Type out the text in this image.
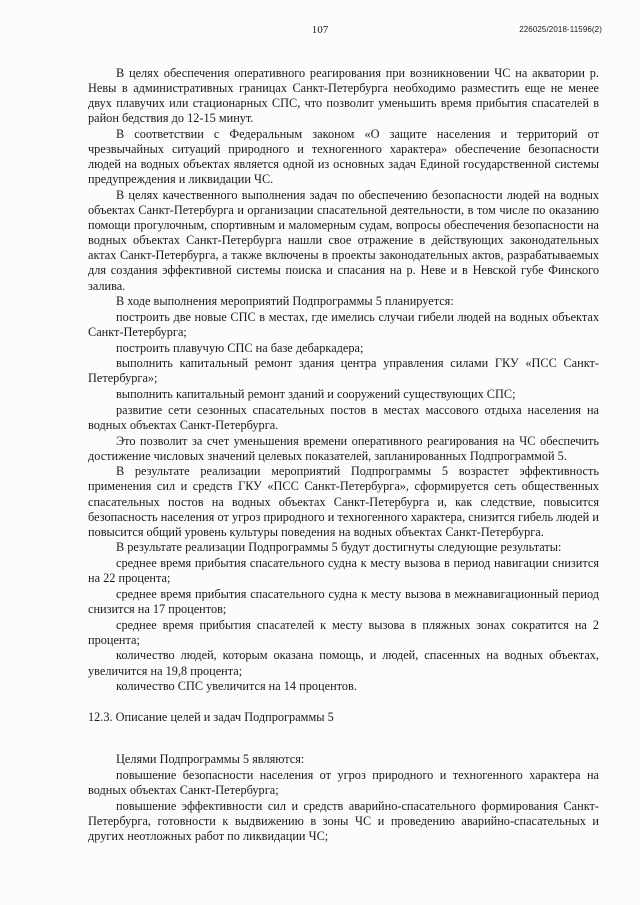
107	226025/2018-11596(2)

В целях обеспечения оперативного реагирования при возникновении ЧС на акватории р. Невы в административных границах Санкт-Петербурга необходимо разместить еще не менее двух плавучих или стационарных СПС, что позволит уменьшить время прибытия спасателей в район бедствия до 12-15 минут.

В соответствии с Федеральным законом «О защите населения и территорий от чрезвычайных ситуаций природного и техногенного характера» обеспечение безопасности людей на водных объектах является одной из основных задач Единой государственной системы предупреждения и ликвидации ЧС.

В целях качественного выполнения задач по обеспечению безопасности людей на водных объектах Санкт-Петербурга и организации спасательной деятельности, в том числе по оказанию помощи прогулочным, спортивным и маломерным судам, вопросы обеспечения безопасности на водных объектах Санкт-Петербурга нашли свое отражение в действующих законодательных актах Санкт-Петербурга, а также включены в проекты законодательных актов, разрабатываемых для создания эффективной системы поиска и спасания на р. Неве и в Невской губе Финского залива.

В ходе выполнения мероприятий Подпрограммы 5 планируется:

построить две новые СПС в местах, где имелись случаи гибели людей на водных объектах Санкт-Петербурга;

построить плавучую СПС на базе дебаркадера;

выполнить капитальный ремонт здания центра управления силами ГКУ «ПСС Санкт-Петербурга»;

выполнить капитальный ремонт зданий и сооружений существующих СПС;

развитие сети сезонных спасательных постов в местах массового отдыха населения на водных объектах Санкт-Петербурга.

Это позволит за счет уменьшения времени оперативного реагирования на ЧС обеспечить достижение числовых значений целевых показателей, запланированных Подпрограммой 5.

В результате реализации мероприятий Подпрограммы 5 возрастет эффективность применения сил и средств ГКУ «ПСС Санкт-Петербурга», сформируется сеть общественных спасательных постов на водных объектах Санкт-Петербурга и, как следствие, повысится безопасность населения от угроз природного и техногенного характера, снизится гибель людей и повысится общий уровень культуры поведения на водных объектах Санкт-Петербурга.

В результате реализации Подпрограммы 5 будут достигнуты следующие результаты:

среднее время прибытия спасательного судна к месту вызова в период навигации снизится на 22 процента;

среднее время прибытия спасательного судна к месту вызова в межнавигационный период снизится на 17 процентов;

среднее время прибытия спасателей к месту вызова в пляжных зонах сократится на 2 процента;

количество людей, которым оказана помощь, и людей, спасенных на водных объектах, увеличится на 19,8 процента;

количество СПС увеличится на 14 процентов.

12.3. Описание целей и задач Подпрограммы 5

Целями Подпрограммы 5 являются:

повышение безопасности населения от угроз природного и техногенного характера на водных объектах Санкт-Петербурга;

повышение эффективности сил и средств аварийно-спасательного формирования Санкт-Петербурга, готовности к выдвижению в зоны ЧС и проведению аварийно-спасательных и других неотложных работ по ликвидации ЧС;
